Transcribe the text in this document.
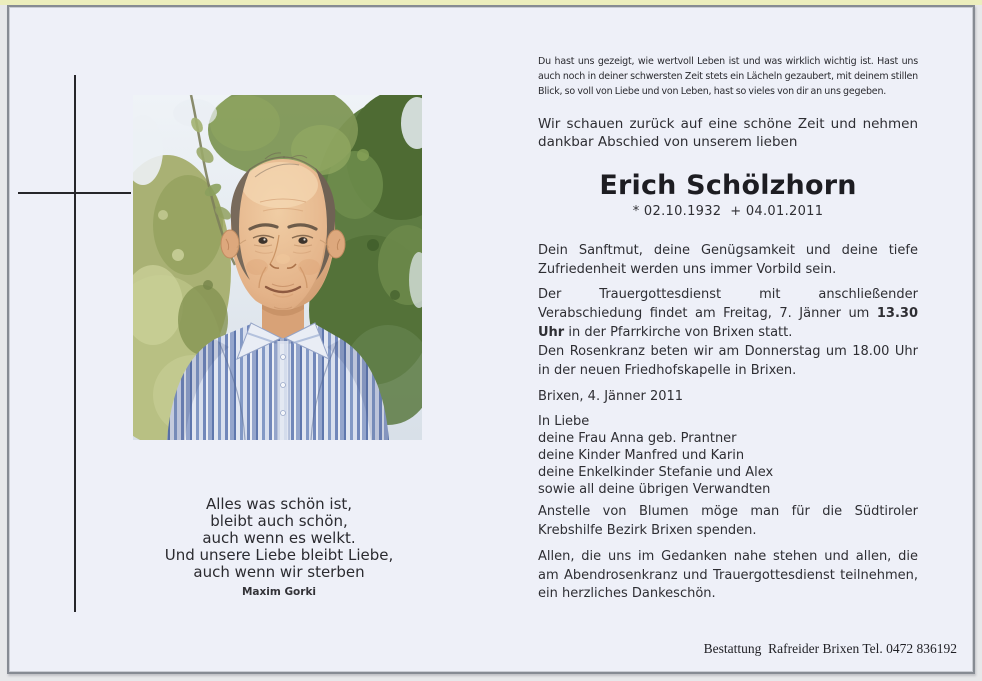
Alles was schön ist,
bleibt auch schön,
auch wenn es welkt.
Und unsere Liebe bleibt Liebe,
auch wenn wir sterben
Maxim Gorki

Du hast uns gezeigt, wie wertvoll Leben ist und was wirklich wichtig ist. Hast uns auch noch in deiner schwersten Zeit stets ein Lächeln gezaubert, mit deinem stillen Blick, so voll von Liebe und von Leben, hast so vieles von dir an uns gegeben.

Wir schauen zurück auf eine schöne Zeit und nehmen dankbar Abschied von unserem lieben

Erich Schölzhorn
* 02.10.1932  + 04.01.2011

Dein Sanftmut, deine Genügsamkeit und deine tiefe Zufriedenheit werden uns immer Vorbild sein.

Der Trauergottesdienst mit anschließender Verabschiedung findet am Freitag, 7. Jänner um 13.30 Uhr in der Pfarrkirche von Brixen statt.

Den Rosenkranz beten wir am Donnerstag um 18.00 Uhr in der neuen Friedhofskapelle in Brixen.

Brixen, 4. Jänner 2011

In Liebe
deine Frau Anna geb. Prantner
deine Kinder Manfred und Karin
deine Enkelkinder Stefanie und Alex
sowie all deine übrigen Verwandten

Anstelle von Blumen möge man für die Südtiroler Krebshilfe Bezirk Brixen spenden.

Allen, die uns im Gedanken nahe stehen und allen, die am Abendrosenkranz und Trauergottesdienst teilnehmen, ein herzliches Dankeschön.

Bestattung  Rafreider Brixen Tel. 0472 836192
